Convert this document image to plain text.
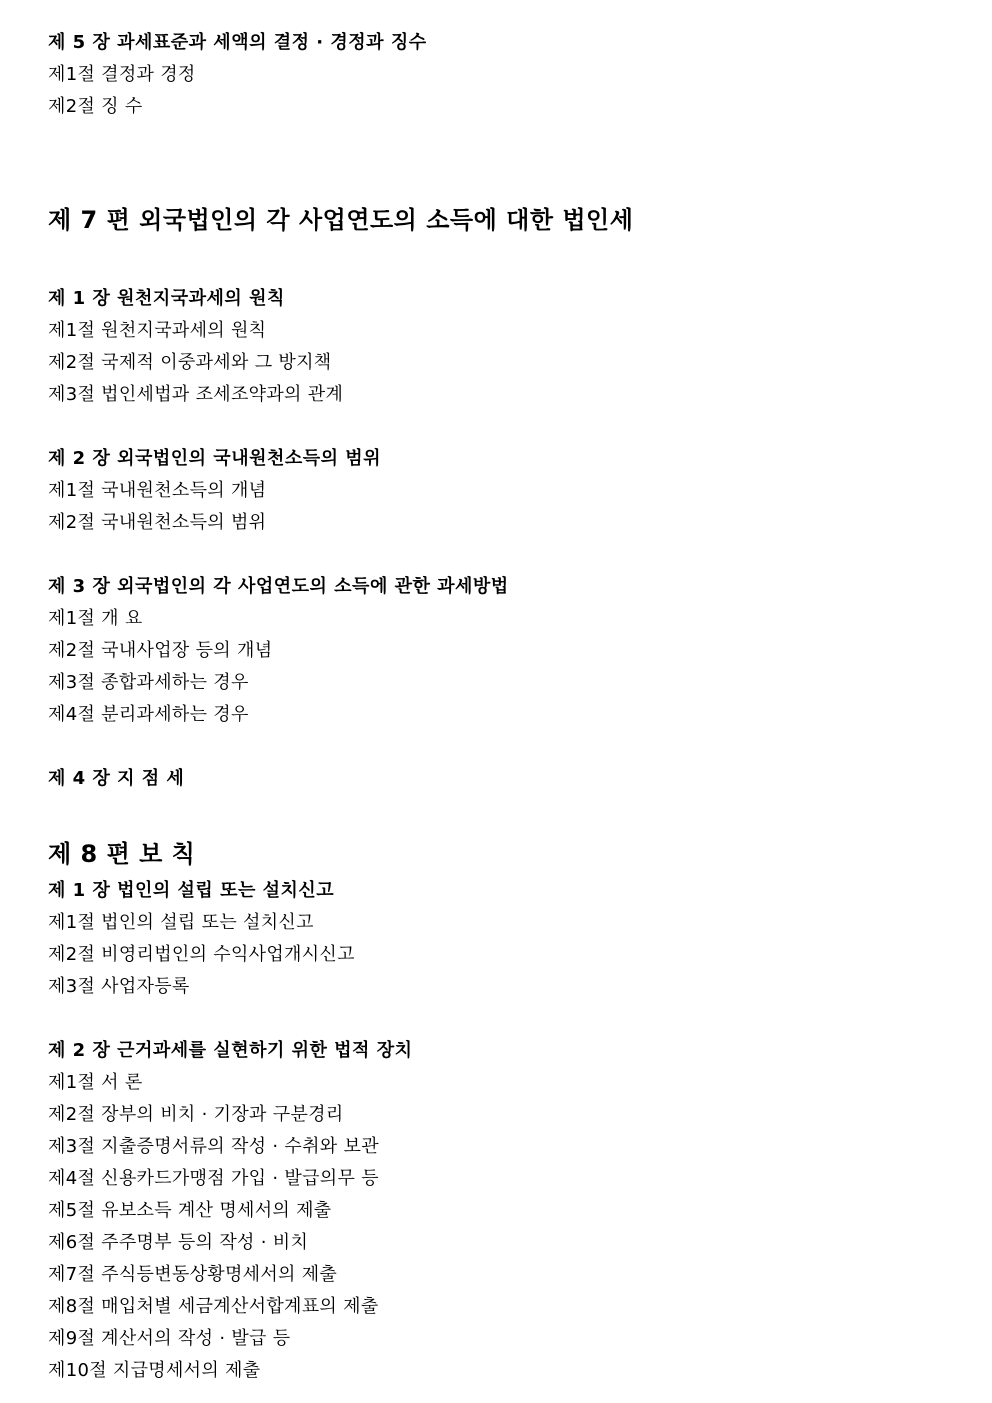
제 5 장 과세표준과 세액의 결정 · 경정과 징수
제1절 결정과 경정
제2절 징 수
제 7 편 외국법인의 각 사업연도의 소득에 대한 법인세
제 1 장 원천지국과세의 원칙
제1절 원천지국과세의 원칙
제2절 국제적 이중과세와 그 방지책
제3절 법인세법과 조세조약과의 관계
제 2 장 외국법인의 국내원천소득의 범위
제1절 국내원천소득의 개념
제2절 국내원천소득의 범위
제 3 장 외국법인의 각 사업연도의 소득에 관한 과세방법
제1절 개 요
제2절 국내사업장 등의 개념
제3절 종합과세하는 경우
제4절 분리과세하는 경우
제 4 장 지 점 세
제 8 편 보 칙
제 1 장 법인의 설립 또는 설치신고
제1절 법인의 설립 또는 설치신고
제2절 비영리법인의 수익사업개시신고
제3절 사업자등록
제 2 장 근거과세를 실현하기 위한 법적 장치
제1절 서 론
제2절 장부의 비치 · 기장과 구분경리
제3절 지출증명서류의 작성 · 수취와 보관
제4절 신용카드가맹점 가입 · 발급의무 등
제5절 유보소득 계산 명세서의 제출
제6절 주주명부 등의 작성 · 비치
제7절 주식등변동상황명세서의 제출
제8절 매입처별 세금계산서합계표의 제출
제9절 계산서의 작성 · 발급 등
제10절 지급명세서의 제출
